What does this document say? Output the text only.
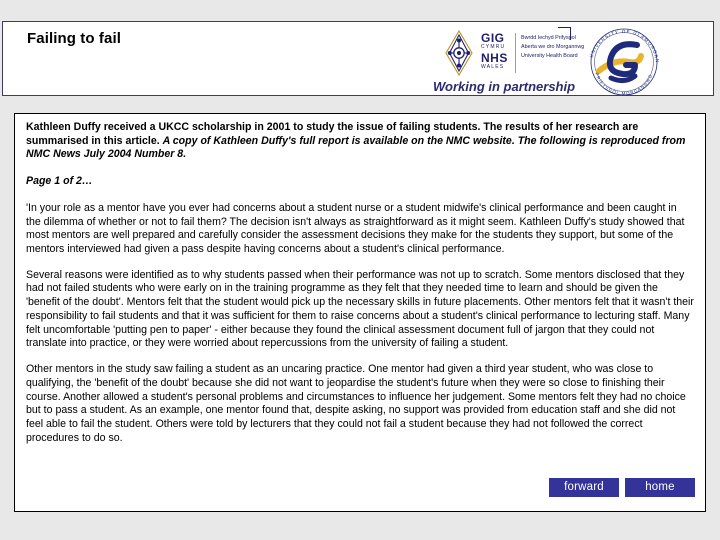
Failing to fail	GIG
CYMRU
NHS
WALES
Bwrdd Iechyd Prifysgol
Aberta we dro Morgannwg
University Health Board
Working in partnership
UNIVERSITY OF GLAMORGAN
PRIFYSGOL MORGANNWG

Kathleen Duffy received a UKCC scholarship in 2001 to study the issue of failing students. The results of her research are summarised in this article. A copy of Kathleen Duffy's full report is available on the NMC website. The following is reproduced from NMC News July 2004 Number 8.

Page 1 of 2…

'In your role as a mentor have you ever had concerns about a student nurse or a student midwife's clinical performance and been caught in the dilemma of whether or not to fail them? The decision isn't always as straightforward as it might seem. Kathleen Duffy's study showed that most mentors are well prepared and carefully consider the assessment decisions they make for the students they support, but some of the mentors interviewed had given a pass despite having concerns about a student's clinical performance.

Several reasons were identified as to why students passed when their performance was not up to scratch. Some mentors disclosed that they had not failed students who were early on in the training programme as they felt that they needed time to learn and should be given the 'benefit of the doubt'. Mentors felt that the student would pick up the necessary skills in future placements. Other mentors felt that it wasn't their responsibility to fail students and that it was sufficient for them to raise concerns about a student's clinical performance to lecturing staff. Many felt uncomfortable 'putting pen to paper' - either because they found the clinical assessment document full of jargon that they could not translate into practice, or they were worried about repercussions from the university of failing a student.

Other mentors in the study saw failing a student as an uncaring practice. One mentor had given a third year student, who was close to qualifying, the 'benefit of the doubt' because she did not want to jeopardise the student's future when they were so close to finishing their course. Another allowed a student's personal problems and circumstances to influence her judgement. Some mentors felt they had no choice but to pass a student. As an example, one mentor found that, despite asking, no support was provided from education staff and she did not feel able to fail the student. Others were told by lecturers that they could not fail a student because they had not followed the correct procedures to do so.

forward	home
